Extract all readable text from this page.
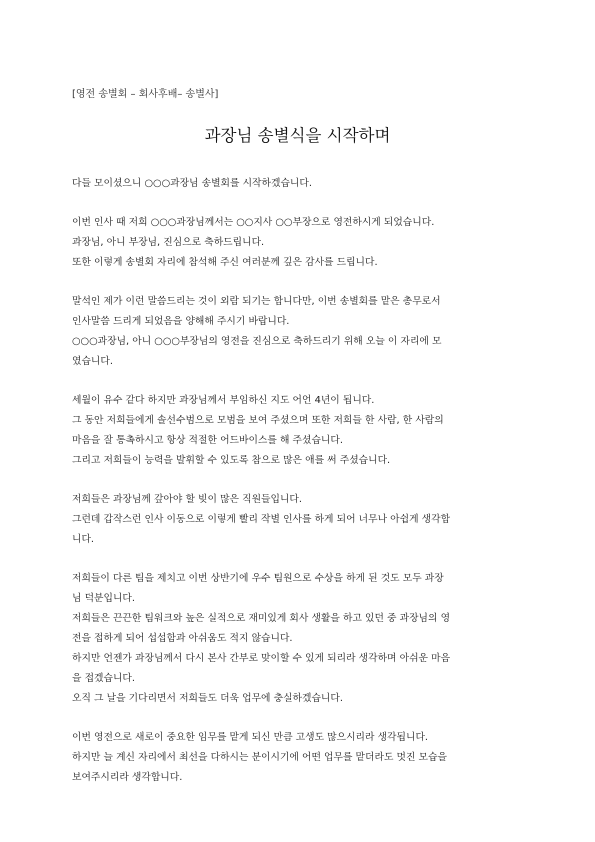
[영전 송별회 – 회사후배– 송별사]
과장님 송별식을 시작하며
다들 모이셨으니 ○○○과장님 송별회를 시작하겠습니다.
이번 인사 때 저희 ○○○과장님께서는 ○○지사 ○○부장으로 영전하시게 되었습니다.
과장님, 아니 부장님, 진심으로 축하드립니다.
또한 이렇게 송별회 자리에 참석해 주신 여러분께 깊은 감사를 드립니다.
말석인 제가 이런 말씀드리는 것이 외람 되기는 합니다만, 이번 송별회를 맡은 총무로서
인사말씀 드리게 되었음을 양해해 주시기 바랍니다.
○○○과장님, 아니 ○○○부장님의 영전을 진심으로 축하드리기 위해 오늘 이 자리에 모
였습니다.
세월이 유수 같다 하지만 과장님께서 부임하신 지도 어언 4년이 됩니다.
그 동안 저희들에게 솔선수범으로 모범을 보여 주셨으며 또한 저희들 한 사람, 한 사람의
마음을 잘 통촉하시고 항상 적절한 어드바이스를 해 주셨습니다.
그리고 저희들이 능력을 발휘할 수 있도록 참으로 많은 애를 써 주셨습니다.
저희들은 과장님께 갚아야 할 빚이 많은 직원들입니다.
그런데 갑작스런 인사 이동으로 이렇게 빨리 작별 인사를 하게 되어 너무나 아쉽게 생각합
니다.
저희들이 다른 팀을 제치고 이번 상반기에 우수 팀원으로 수상을 하게 된 것도 모두 과장
님 덕분입니다.
저희들은 끈끈한 팀워크와 높은 실적으로 재미있게 회사 생활을 하고 있던 중 과장님의 영
전을 접하게 되어 섭섭함과 아쉬움도 적지 않습니다.
하지만 언젠가 과장님께서 다시 본사 간부로 맞이할 수 있게 되리라 생각하며 아쉬운 마음
을 접겠습니다.
오직 그 날을 기다리면서 저희들도 더욱 업무에 충실하겠습니다.
이번 영전으로 새로이 중요한 임무를 맡게 되신 만큼 고생도 많으시리라 생각됩니다.
하지만 늘 계신 자리에서 최선을 다하시는 분이시기에 어떤 업무를 맡더라도 멋진 모습을
보여주시리라 생각합니다.
